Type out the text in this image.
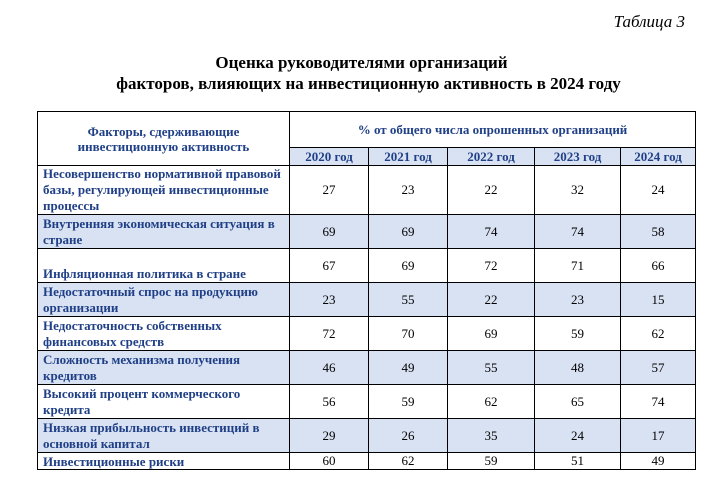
Таблица 3
Оценка руководителями организаций
факторов, влияющих на инвестиционную активность в 2024 году
Факторы, сдерживающие инвестиционную активность	% от общего числа опрошенных организаций				
	2020 год	2021 год	2022 год	2023 год	2024 год
Несовершенство нормативной правовой базы, регулирующей инвестиционные процессы	27	23	22	32	24
Внутренняя экономическая ситуация в стране	69	69	74	74	58
Инфляционная политика в стране	67	69	72	71	66
Недостаточный спрос на продукцию организации	23	55	22	23	15
Недостаточность собственных финансовых средств	72	70	69	59	62
Сложность механизма получения кредитов	46	49	55	48	57
Высокий процент коммерческого кредита	56	59	62	65	74
Низкая прибыльность инвестиций в основной капитал	29	26	35	24	17
Инвестиционные риски	60	62	59	51	49
